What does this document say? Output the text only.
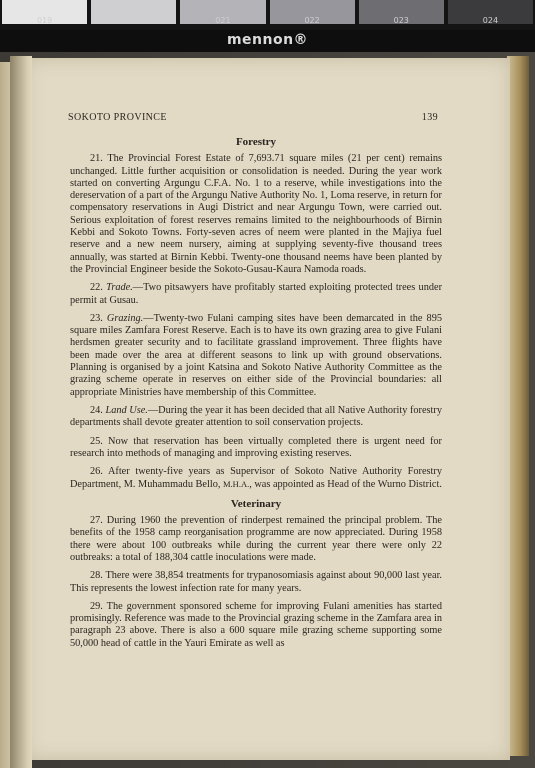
019	020	021	022	023	024
mennon®
SOKOTO PROVINCE	139
Forestry

21. The Provincial Forest Estate of 7,693.71 square miles (21 per cent) remains unchanged. Little further acquisition or consolidation is needed. During the year work started on converting Argungu C.F.A. No. 1 to a reserve, while investigations into the dereservation of a part of the Argungu Native Authority No. 1, Loma reserve, in return for compensatory reservations in Augi District and near Argungu Town, were carried out. Serious exploitation of forest reserves remains limited to the neighbourhoods of Birnin Kebbi and Sokoto Towns. Forty-seven acres of neem were planted in the Majiya fuel reserve and a new neem nursery, aiming at supplying seventy-five thousand trees annually, was started at Birnin Kebbi. Twenty-one thousand neems have been planted by the Provincial Engineer beside the Sokoto-Gusau-Kaura Namoda roads.

22. Trade.—Two pitsawyers have profitably started exploiting protected trees under permit at Gusau.

23. Grazing.—Twenty-two Fulani camping sites have been demarcated in the 895 square miles Zamfara Forest Reserve. Each is to have its own grazing area to give Fulani herdsmen greater security and to facilitate grassland improvement. Three flights have been made over the area at different seasons to link up with ground observations. Planning is organised by a joint Katsina and Sokoto Native Authority Committee as the grazing scheme operate in reserves on either side of the Provincial boundaries: all appropriate Ministries have membership of this Committee.

24. Land Use.—During the year it has been decided that all Native Authority forestry departments shall devote greater attention to soil conservation projects.

25. Now that reservation has been virtually completed there is urgent need for research into methods of managing and improving existing reserves.

26. After twenty-five years as Supervisor of Sokoto Native Authority Forestry Department, M. Muhammadu Bello, M.H.A., was appointed as Head of the Wurno District.

Veterinary

27. During 1960 the prevention of rinderpest remained the principal problem. The benefits of the 1958 camp reorganisation programme are now appreciated. During 1958 there were about 100 outbreaks while during the current year there were only 22 outbreaks: a total of 188,304 cattle inoculations were made.

28. There were 38,854 treatments for trypanosomiasis against about 90,000 last year. This represents the lowest infection rate for many years.

29. The government sponsored scheme for improving Fulani amenities has started promisingly. Reference was made to the Provincial grazing scheme in the Zamfara area in paragraph 23 above. There is also a 600 square mile grazing scheme supporting some 50,000 head of cattle in the Yauri Emirate as well as
